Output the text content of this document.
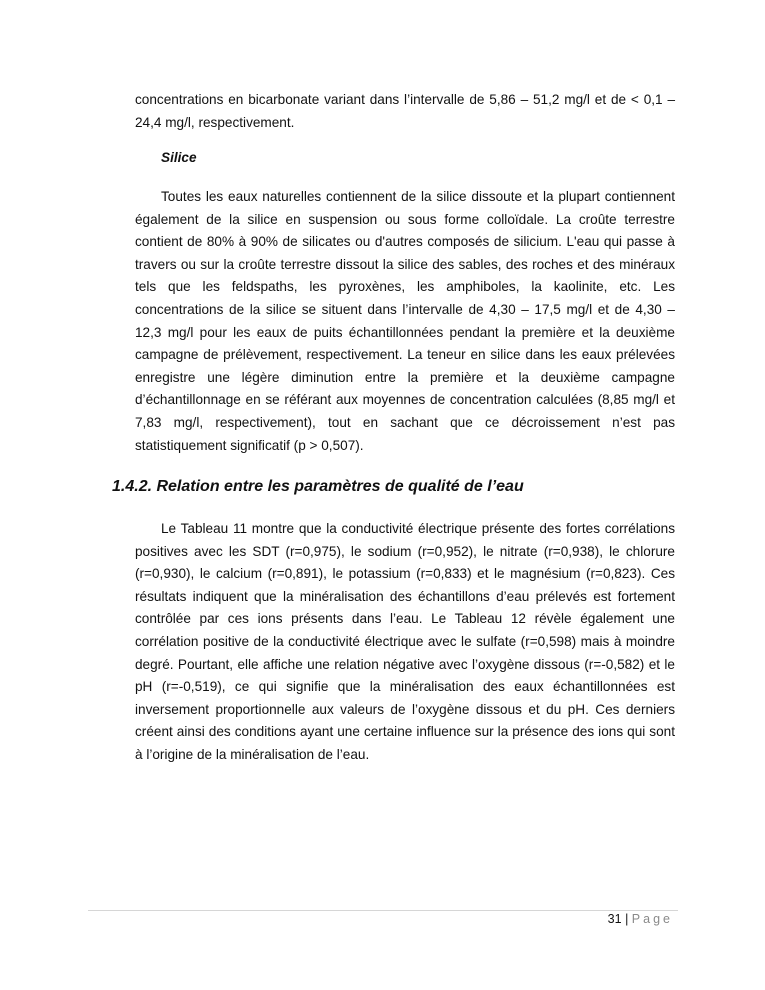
concentrations en bicarbonate variant dans l’intervalle de 5,86 – 51,2 mg/l et de < 0,1 – 24,4 mg/l, respectivement.

Silice

Toutes les eaux naturelles contiennent de la silice dissoute et la plupart contiennent également de la silice en suspension ou sous forme colloïdale. La croûte terrestre contient de 80% à 90% de silicates ou d'autres composés de silicium. L'eau qui passe à travers ou sur la croûte terrestre dissout la silice des sables, des roches et des minéraux tels que les feldspaths, les pyroxènes, les amphiboles, la kaolinite, etc. Les concentrations de la silice se situent dans l’intervalle de 4,30 – 17,5 mg/l et de 4,30 – 12,3 mg/l pour les eaux de puits échantillonnées pendant la première et la deuxième campagne de prélèvement, respectivement. La teneur en silice dans les eaux prélevées enregistre une légère diminution entre la première et la deuxième campagne d’échantillonnage en se référant aux moyennes de concentration calculées (8,85 mg/l et 7,83 mg/l, respectivement), tout en sachant que ce décroissement n’est pas statistiquement significatif (p > 0,507).

1.4.2. Relation entre les paramètres de qualité de l’eau

Le Tableau 11 montre que la conductivité électrique présente des fortes corrélations positives avec les SDT (r=0,975), le sodium (r=0,952), le nitrate (r=0,938), le chlorure (r=0,930), le calcium (r=0,891), le potassium (r=0,833) et le magnésium (r=0,823). Ces résultats indiquent que la minéralisation des échantillons d’eau prélevés est fortement contrôlée par ces ions présents dans l’eau. Le Tableau 12 révèle également une corrélation positive de la conductivité électrique avec le sulfate (r=0,598) mais à moindre degré. Pourtant, elle affiche une relation négative avec l’oxygène dissous (r=-0,582) et le pH (r=-0,519), ce qui signifie que la minéralisation des eaux échantillonnées est inversement proportionnelle aux valeurs de l’oxygène dissous et du pH. Ces derniers créent ainsi des conditions ayant une certaine influence sur la présence des ions qui sont à l’origine de la minéralisation de l’eau.

31 | Page
